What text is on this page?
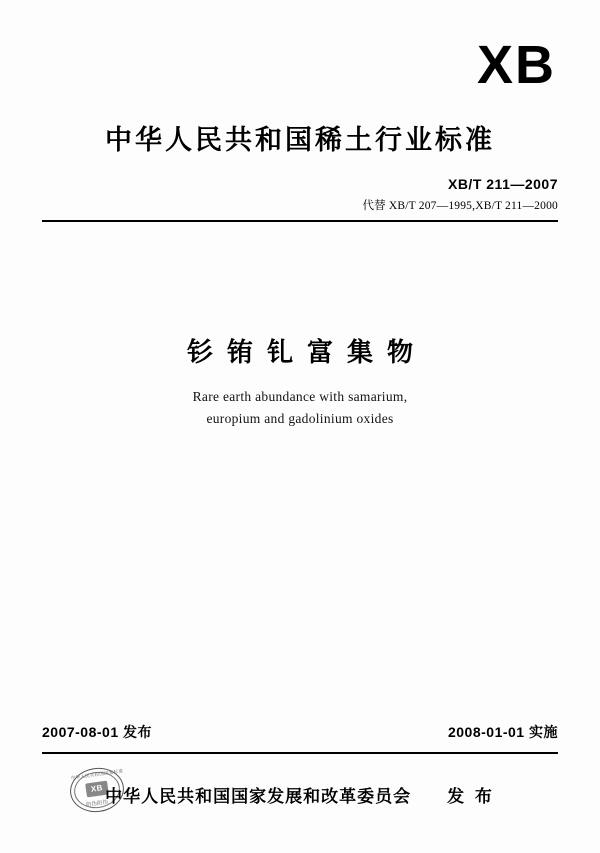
XB
中华人民共和国稀土行业标准
XB/T 211—2007
代替 XB/T 207—1995,XB/T 211—2000
钐铕钆富集物
Rare earth abundance with samarium,
europium and gadolinium oxides
2007-08-01 发布	2008-01-01 实施
中华人民共和国国家标准
XB
防伪防伪
中华人民共和国国家发展和改革委员会 发 布
